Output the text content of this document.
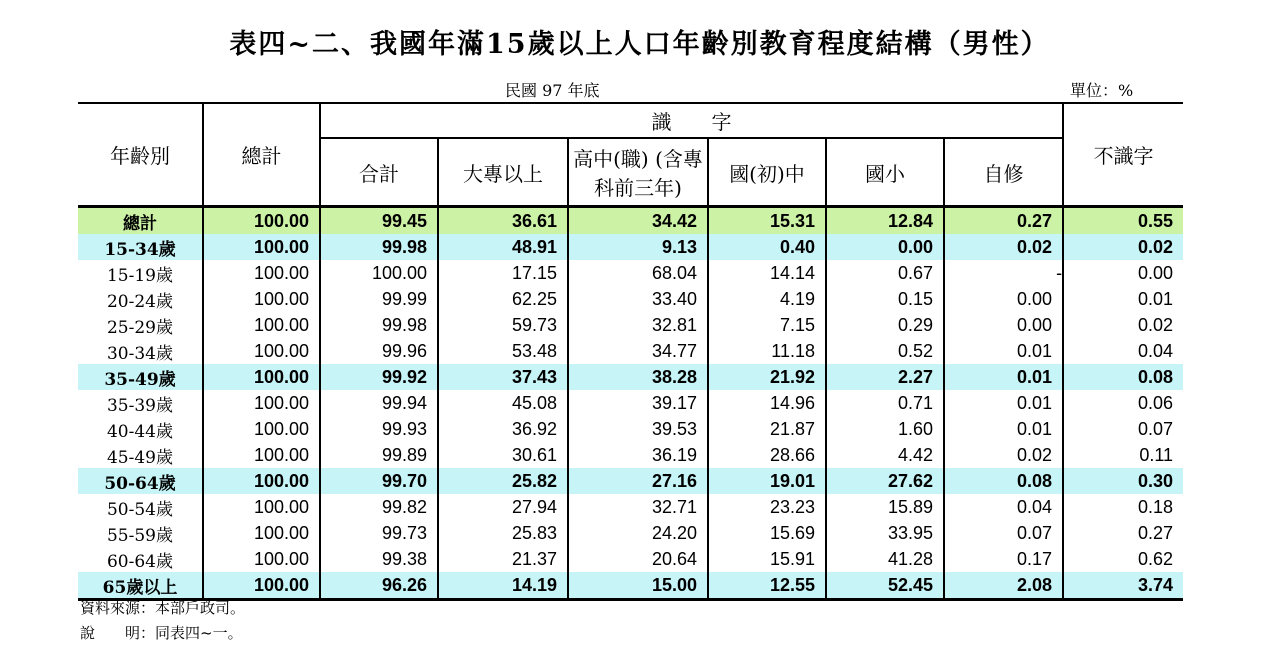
表四~二、我國年滿15歲以上人口年齡別教育程度結構（男性）
民國 97 年底	單位：%
年齡別	總計	識　　字						不識字
		合計	大專以上	高中(職) (含專科前三年)	國(初)中	國小	自修	
總計	100.00	99.45	36.61	34.42	15.31	12.84	0.27	0.55
15-34歲	100.00	99.98	48.91	9.13	0.40	0.00	0.02	0.02
15-19歲	100.00	100.00	17.15	68.04	14.14	0.67	-	0.00
20-24歲	100.00	99.99	62.25	33.40	4.19	0.15	0.00	0.01
25-29歲	100.00	99.98	59.73	32.81	7.15	0.29	0.00	0.02
30-34歲	100.00	99.96	53.48	34.77	11.18	0.52	0.01	0.04
35-49歲	100.00	99.92	37.43	38.28	21.92	2.27	0.01	0.08
35-39歲	100.00	99.94	45.08	39.17	14.96	0.71	0.01	0.06
40-44歲	100.00	99.93	36.92	39.53	21.87	1.60	0.01	0.07
45-49歲	100.00	99.89	30.61	36.19	28.66	4.42	0.02	0.11
50-64歲	100.00	99.70	25.82	27.16	19.01	27.62	0.08	0.30
50-54歲	100.00	99.82	27.94	32.71	23.23	15.89	0.04	0.18
55-59歲	100.00	99.73	25.83	24.20	15.69	33.95	0.07	0.27
60-64歲	100.00	99.38	21.37	20.64	15.91	41.28	0.17	0.62
65歲以上	100.00	96.26	14.19	15.00	12.55	52.45	2.08	3.74
資料來源：本部戶政司。
說　　明：同表四~一。
